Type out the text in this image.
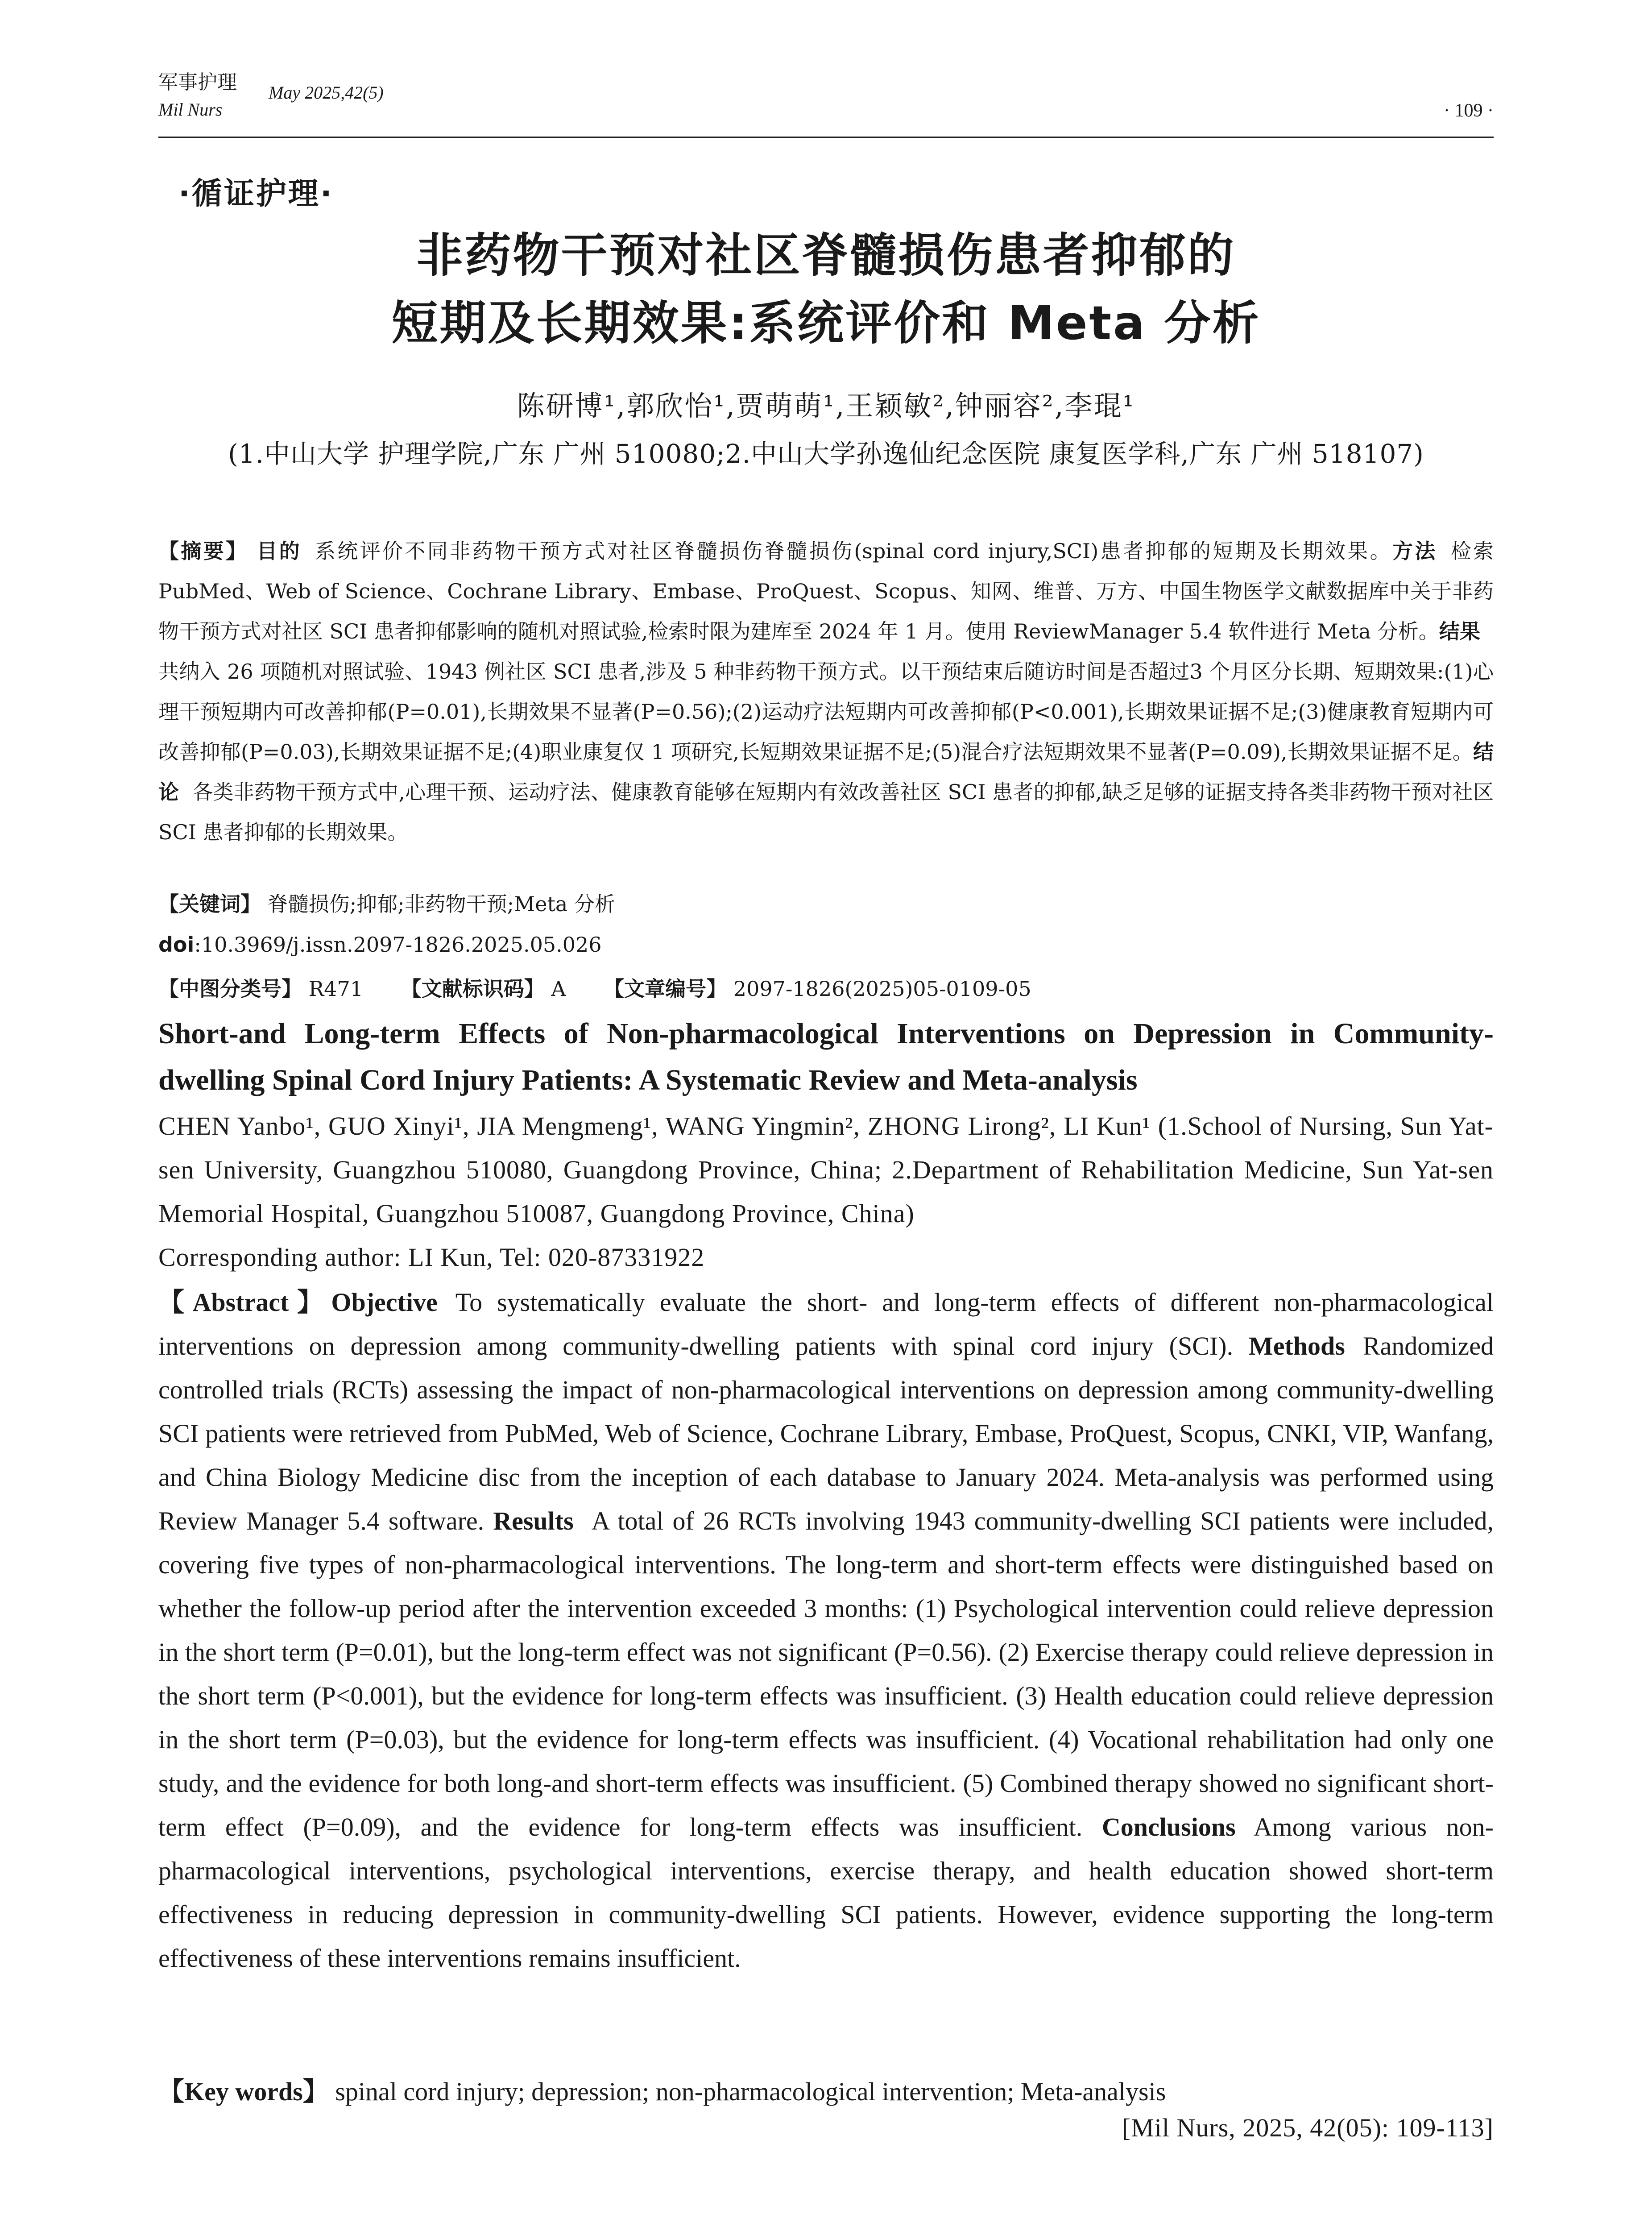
军事护理
Mil Nurs
May 2025,42(5)
· 109 ·
·循证护理·
非药物干预对社区脊髓损伤患者抑郁的
短期及长期效果:系统评价和 Meta 分析
陈研博¹,郭欣怡¹,贾萌萌¹,王颖敏²,钟丽容²,李琨¹
(1.中山大学 护理学院,广东 广州 510080;2.中山大学孙逸仙纪念医院 康复医学科,广东 广州 518107)
【摘要】 目的 系统评价不同非药物干预方式对社区脊髓损伤脊髓损伤(spinal cord injury,SCI)患者抑郁的短期及长期效果。方法 检索 PubMed、Web of Science、Cochrane Library、Embase、ProQuest、Scopus、知网、维普、万方、中国生物医学文献数据库中关于非药物干预方式对社区 SCI 患者抑郁影响的随机对照试验,检索时限为建库至 2024 年 1 月。使用 ReviewManager 5.4 软件进行 Meta 分析。结果共纳入 26 项随机对照试验、1943 例社区 SCI 患者,涉及 5 种非药物干预方式。以干预结束后随访时间是否超过3 个月区分长期、短期效果:(1)心理干预短期内可改善抑郁(P=0.01),长期效果不显著(P=0.56);(2)运动疗法短期内可改善抑郁(P<0.001),长期效果证据不足;(3)健康教育短期内可改善抑郁(P=0.03),长期效果证据不足;(4)职业康复仅 1 项研究,长短期效果证据不足;(5)混合疗法短期效果不显著(P=0.09),长期效果证据不足。结论 各类非药物干预方式中,心理干预、运动疗法、健康教育能够在短期内有效改善社区 SCI 患者的抑郁,缺乏足够的证据支持各类非药物干预对社区 SCI 患者抑郁的长期效果。
【关键词】 脊髓损伤;抑郁;非药物干预;Meta 分析
doi:10.3969/j.issn.2097-1826.2025.05.026
【中图分类号】 R471 【文献标识码】 A 【文章编号】 2097-1826(2025)05-0109-05
Short-and Long-term Effects of Non-pharmacological Interventions on Depression in Community-dwelling Spinal Cord Injury Patients: A Systematic Review and Meta-analysis
CHEN Yanbo¹, GUO Xinyi¹, JIA Mengmeng¹, WANG Yingmin², ZHONG Lirong², LI Kun¹ (1.School of Nursing, Sun Yat-sen University, Guangzhou 510080, Guangdong Province, China; 2.Department of Rehabilitation Medicine, Sun Yat-sen Memorial Hospital, Guangzhou 510087, Guangdong Province, China)
Corresponding author: LI Kun, Tel: 020-87331922
【Abstract】Objective To systematically evaluate the short- and long-term effects of different non-pharmacological interventions on depression among community-dwelling patients with spinal cord injury (SCI). Methods Randomized controlled trials (RCTs) assessing the impact of non-pharmacological interventions on depression among community-dwelling SCI patients were retrieved from PubMed, Web of Science, Cochrane Library, Embase, ProQuest, Scopus, CNKI, VIP, Wanfang, and China Biology Medicine disc from the inception of each database to January 2024. Meta-analysis was performed using Review Manager 5.4 software. Results A total of 26 RCTs involving 1943 community-dwelling SCI patients were included, covering five types of non-pharmacological interventions. The long-term and short-term effects were distinguished based on whether the follow-up period after the intervention exceeded 3 months: (1) Psychological intervention could relieve depression in the short term (P=0.01), but the long-term effect was not significant (P=0.56). (2) Exercise therapy could relieve depression in the short term (P<0.001), but the evidence for long-term effects was insufficient. (3) Health education could relieve depression in the short term (P=0.03), but the evidence for long-term effects was insufficient. (4) Vocational rehabilitation had only one study, and the evidence for both long-and short-term effects was insufficient. (5) Combined therapy showed no significant short-term effect (P=0.09), and the evidence for long-term effects was insufficient. Conclusions Among various non-pharmacological interventions, psychological interventions, exercise therapy, and health education showed short-term effectiveness in reducing depression in community-dwelling SCI patients. However, evidence supporting the long-term effectiveness of these interventions remains insufficient.
【Key words】 spinal cord injury; depression; non-pharmacological intervention; Meta-analysis
[Mil Nurs, 2025, 42(05): 109-113]
